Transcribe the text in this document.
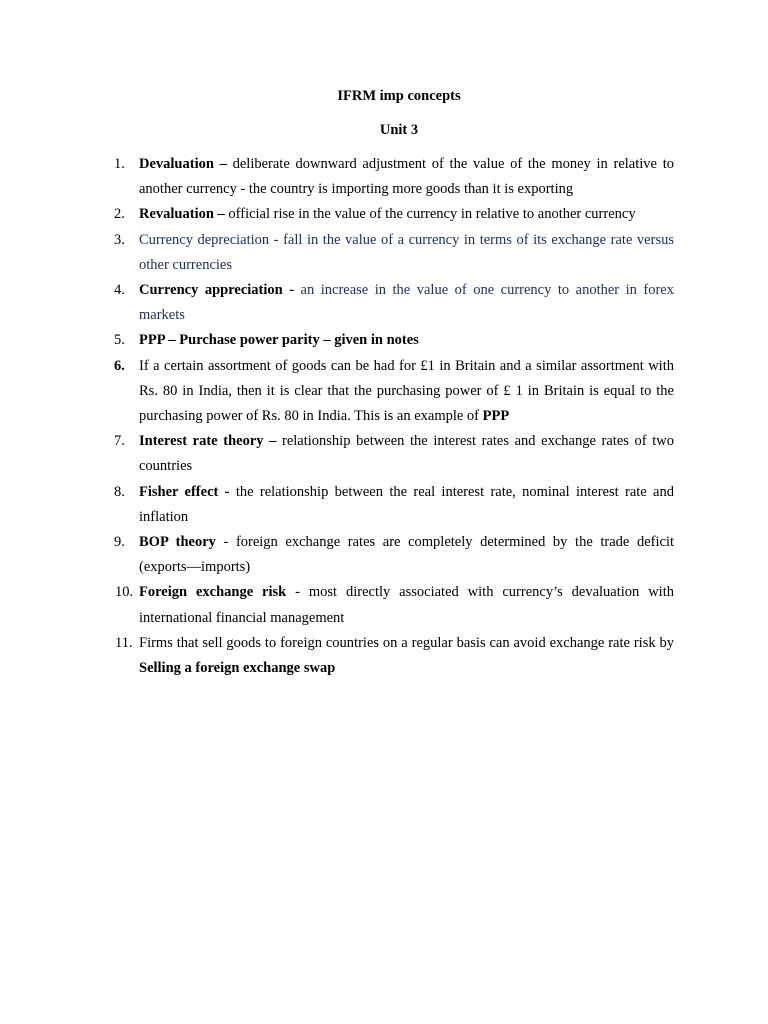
IFRM imp concepts
Unit 3
1. Devaluation – deliberate downward adjustment of the value of the money in relative to another currency - the country is importing more goods than it is exporting
2. Revaluation – official rise in the value of the currency in relative to another currency
3. Currency depreciation - fall in the value of a currency in terms of its exchange rate versus other currencies
4. Currency appreciation - an increase in the value of one currency to another in forex markets
5. PPP – Purchase power parity – given in notes
6. If a certain assortment of goods can be had for £1 in Britain and a similar assortment with Rs. 80 in India, then it is clear that the purchasing power of £ 1 in Britain is equal to the purchasing power of Rs. 80 in India. This is an example of PPP
7. Interest rate theory – relationship between the interest rates and exchange rates of two countries
8. Fisher effect - the relationship between the real interest rate, nominal interest rate and inflation
9. BOP theory - foreign exchange rates are completely determined by the trade deficit (exports—imports)
10. Foreign exchange risk - most directly associated with currency’s devaluation with international financial management
11. Firms that sell goods to foreign countries on a regular basis can avoid exchange rate risk by Selling a foreign exchange swap
